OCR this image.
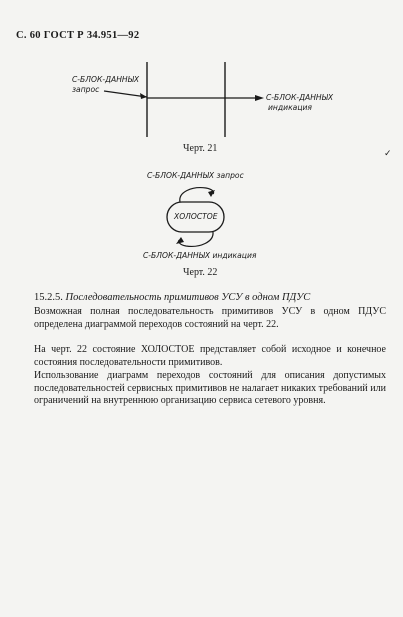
С. 60 ГОСТ Р 34.951—92
✓
С-БЛОК-ДАННЫХ
запрос
С-БЛОК-ДАННЫХ
индикация
Черт. 21
С-БЛОК-ДАННЫХ запрос
ХОЛОСТОЕ
С-БЛОК-ДАННЫХ индикация
Черт. 22
15.2.5. Последовательность примитивов УСУ в одном ПДУС

Возможная полная последовательность примитивов УСУ в одном ПДУС определена диаграммой переходов состояний на черт. 22.

На черт. 22 состояние ХОЛОСТОЕ представляет собой исходное и конечное состояния последовательности примитивов.

Использование диаграмм переходов состояний для описания допустимых последовательностей сервисных примитивов не налагает никаких требований или ограничений на внутреннюю организацию сервиса сетевого уровня.
